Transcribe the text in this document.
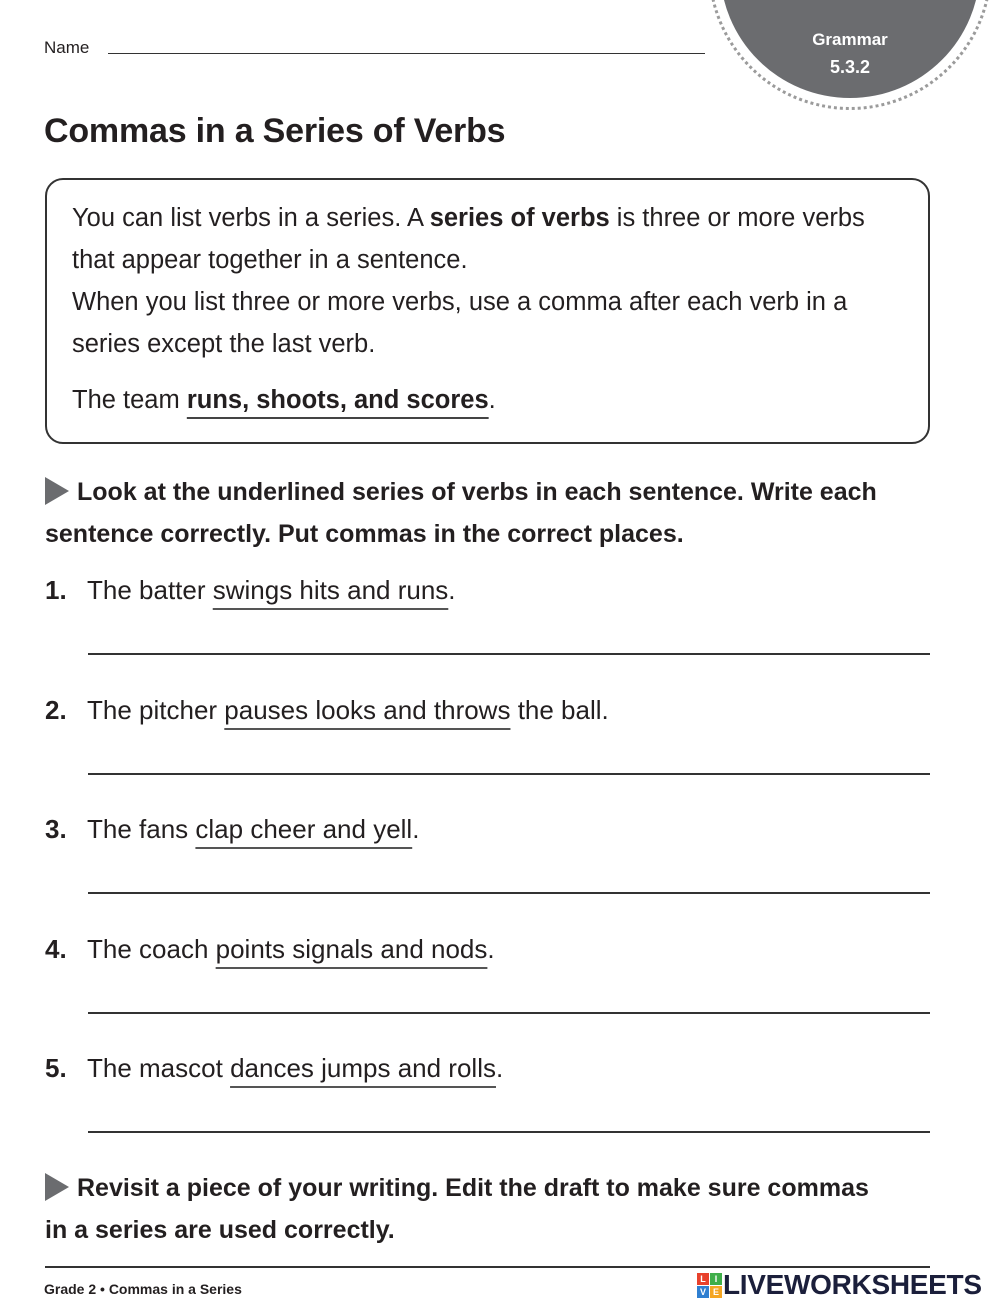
Grammar
5.3.2
Name
Commas in a Series of Verbs
You can list verbs in a series. A series of verbs is three or more verbs
that appear together in a sentence.
When you list three or more verbs, use a comma after each verb in a
series except the last verb.
The team runs, shoots, and scores.
Look at the underlined series of verbs in each sentence. Write each
sentence correctly. Put commas in the correct places.
1. The batter swings hits and runs.
2. The pitcher pauses looks and throws the ball.
3. The fans clap cheer and yell.
4. The coach points signals and nods.
5. The mascot dances jumps and rolls.
Revisit a piece of your writing. Edit the draft to make sure commas
in a series are used correctly.
Grade 2 • Commas in a Series
L I
V E LIVEWORKSHEETS
